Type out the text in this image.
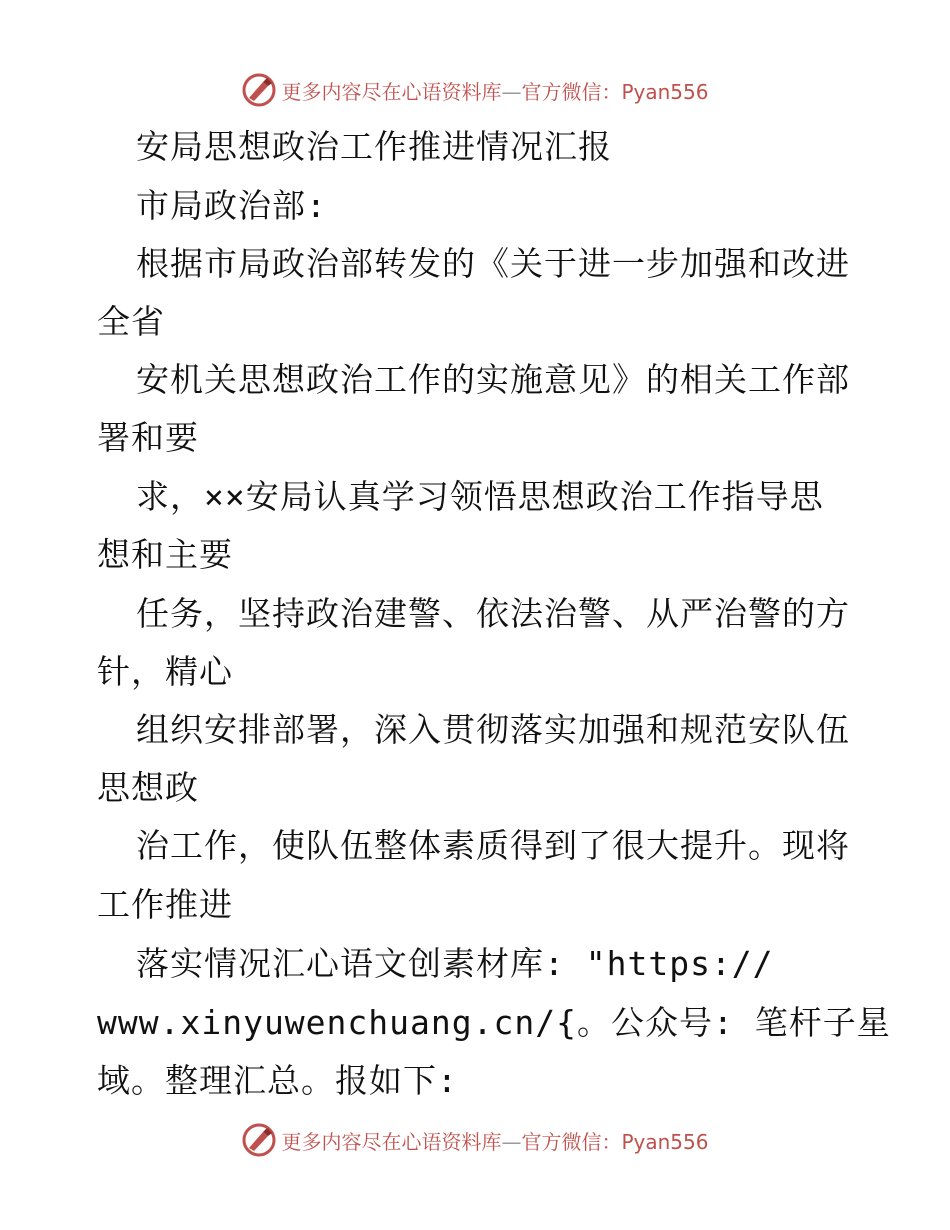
更多内容尽在心语资料库—官方微信：Pyan556
安局思想政治工作推进情况汇报
市局政治部:
根据市局政治部转发的《关于进一步加强和改进
全省
安机关思想政治工作的实施意见》的相关工作部
署和要
求，××安局认真学习领悟思想政治工作指导思
想和主要
任务，坚持政治建警、依法治警、从严治警的方
针，精心
组织安排部署，深入贯彻落实加强和规范安队伍
思想政
治工作，使队伍整体素质得到了很大提升。现将
工作推进
落实情况汇心语文创素材库: "https://
www.xinyuwenchuang.cn/{。公众号: 笔杆子星
域。整理汇总。报如下:
更多内容尽在心语资料库—官方微信：Pyan556
